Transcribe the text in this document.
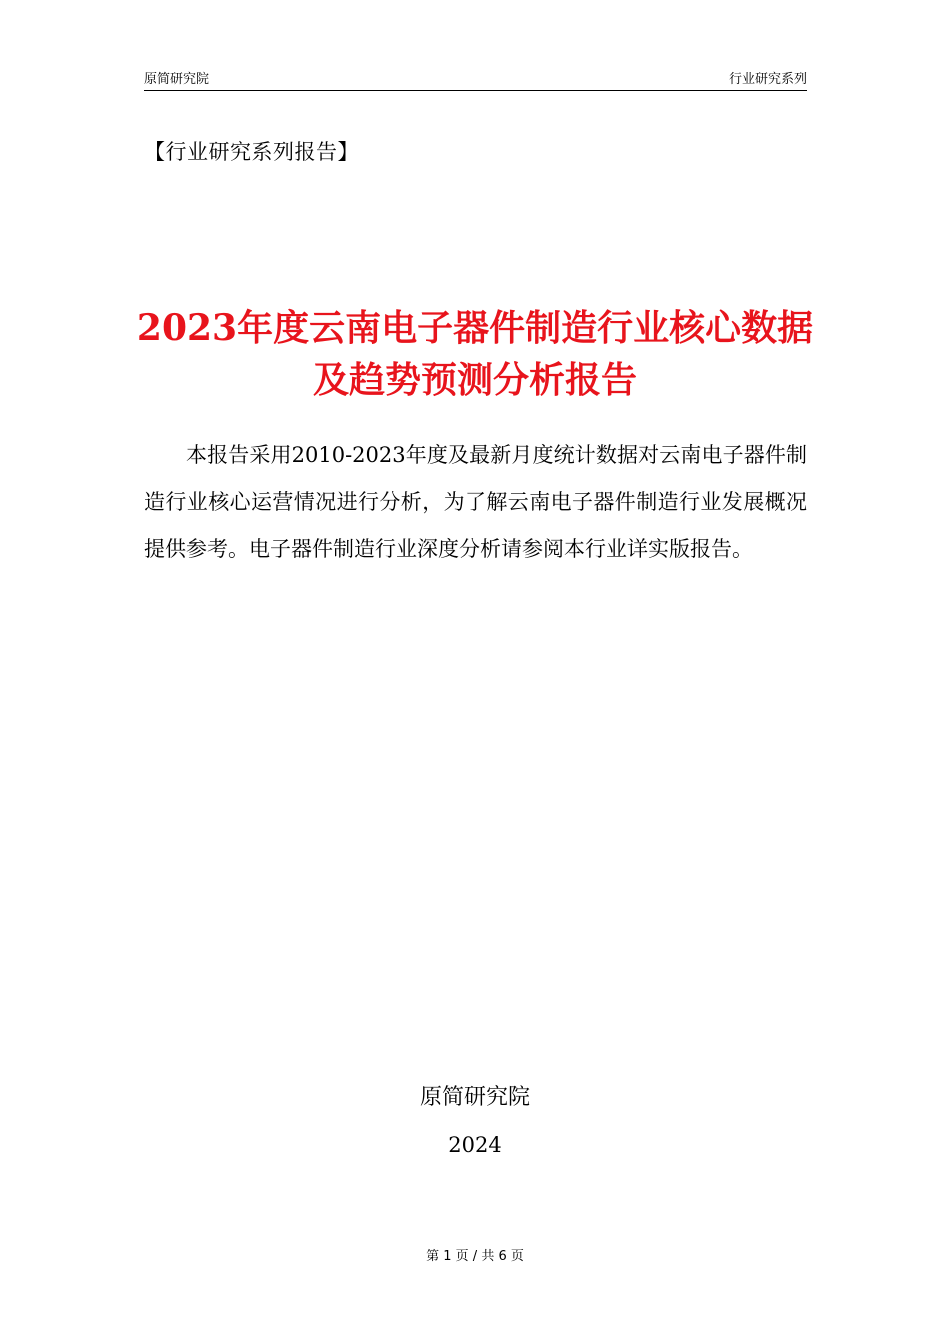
原简研究院	行业研究系列
【行业研究系列报告】
2023年度云南电子器件制造行业核心数据及趋势预测分析报告

本报告采用2010-2023年度及最新月度统计数据对云南电子器件制造行业核心运营情况进行分析，为了解云南电子器件制造行业发展概况提供参考。电子器件制造行业深度分析请参阅本行业详实版报告。

原简研究院
2024
第 1 页 / 共 6 页
